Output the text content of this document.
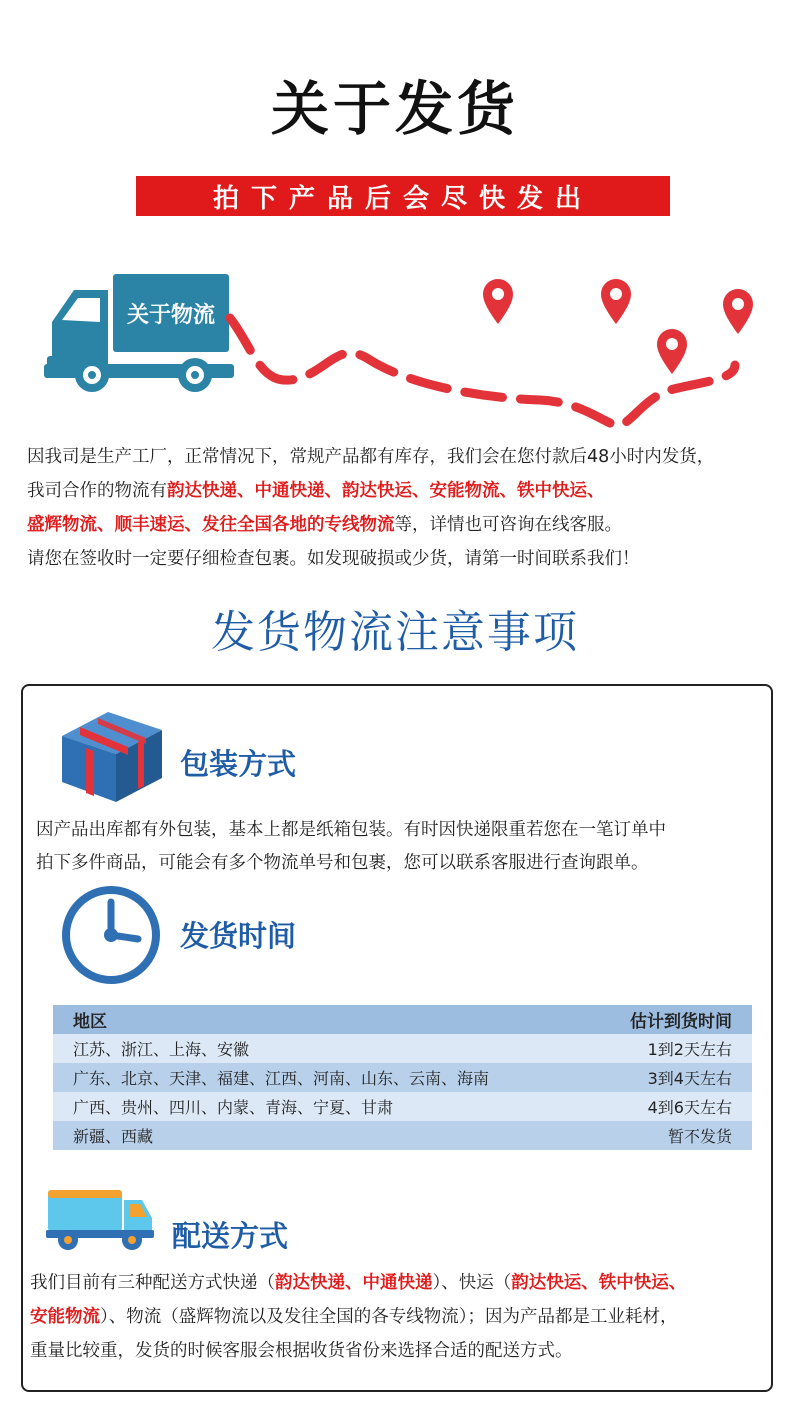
关于发货
拍下产品后会尽快发出
关于物流

因我司是生产工厂，正常情况下，常规产品都有库存，我们会在您付款后48小时内发货，

我司合作的物流有韵达快递、中通快递、韵达快运、安能物流、铁中快运、

盛辉物流、顺丰速运、发往全国各地的专线物流等，详情也可咨询在线客服。

请您在签收时一定要仔细检查包裹。如发现破损或少货，请第一时间联系我们！

发货物流注意事项
包装方式

因产品出库都有外包装，基本上都是纸箱包装。有时因快递限重若您在一笔订单中

拍下多件商品，可能会有多个物流单号和包裹，您可以联系客服进行查询跟单。

发货时间
地区	估计到货时间
江苏、浙江、上海、安徽	1到2天左右
广东、北京、天津、福建、江西、河南、山东、云南、海南	3到4天左右
广西、贵州、四川、内蒙、青海、宁夏、甘肃	4到6天左右
新疆、西藏	暂不发货
配送方式

我们目前有三种配送方式快递（韵达快递、中通快递）、快运（韵达快运、铁中快运、

安能物流）、物流（盛辉物流以及发往全国的各专线物流）；因为产品都是工业耗材，

重量比较重，发货的时候客服会根据收货省份来选择合适的配送方式。
